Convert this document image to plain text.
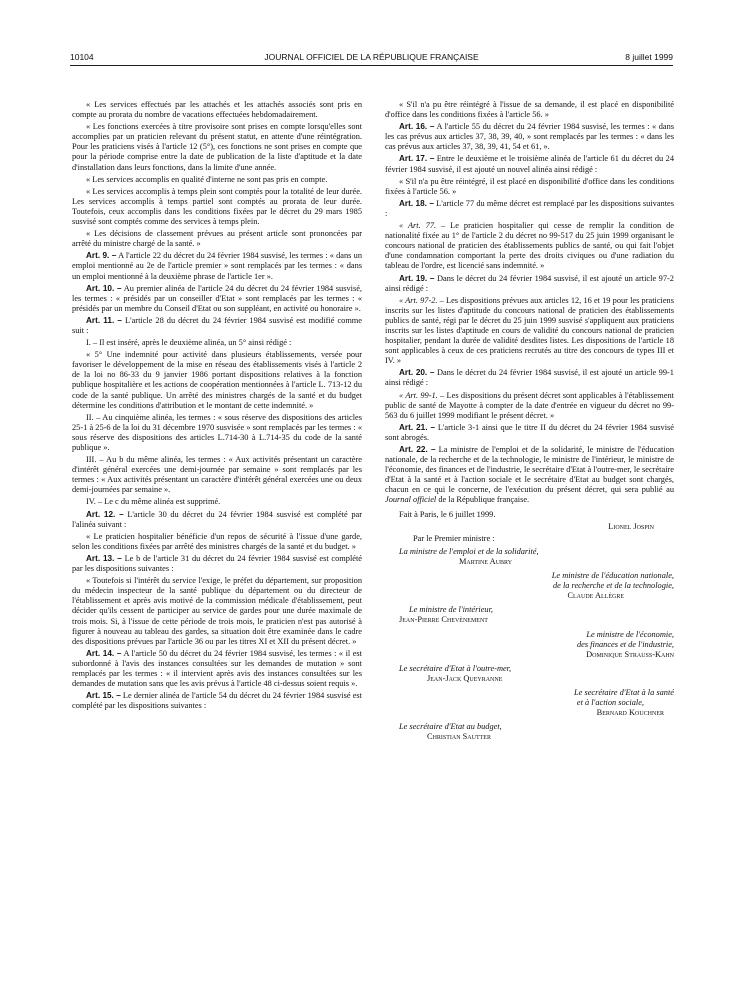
10104	JOURNAL OFFICIEL DE LA RÉPUBLIQUE FRANÇAISE	8 juillet 1999

« Les services effectués par les attachés et les attachés associés sont pris en compte au prorata du nombre de vacations effectuées hebdomadairement.

« Les fonctions exercées à titre provisoire sont prises en compte lorsqu'elles sont accomplies par un praticien relevant du présent statut, en attente d'une réintégration. Pour les praticiens visés à l'article 12 (5°), ces fonctions ne sont prises en compte que pour la période comprise entre la date de publication de la liste d'aptitude et la date d'installation dans leurs fonctions, dans la limite d'une année.

« Les services accomplis en qualité d'interne ne sont pas pris en compte.

« Les services accomplis à temps plein sont comptés pour la totalité de leur durée. Les services accomplis à temps partiel sont comptés au prorata de leur durée. Toutefois, ceux accomplis dans les conditions fixées par le décret du 29 mars 1985 susvisé sont comptés comme des services à temps plein.

« Les décisions de classement prévues au présent article sont prononcées par arrêté du ministre chargé de la santé. »

Art. 9. – A l'article 22 du décret du 24 février 1984 susvisé, les termes : « dans un emploi mentionné au 2e de l'article premier » sont remplacés par les termes : « dans un emploi mentionné à la deuxième phrase de l'article 1er ».

Art. 10. – Au premier alinéa de l'article 24 du décret du 24 février 1984 susvisé, les termes : « présidés par un conseiller d'Etat » sont remplacés par les termes : « présidés par un membre du Conseil d'Etat ou son suppléant, en activité ou honoraire ».

Art. 11. – L'article 28 du décret du 24 février 1984 susvisé est modifié comme suit :

I. – Il est inséré, après le deuxième alinéa, un 5° ainsi rédigé :

« 5° Une indemnité pour activité dans plusieurs établissements, versée pour favoriser le développement de la mise en réseau des établissements visés à l'article 2 de la loi no 86-33 du 9 janvier 1986 portant dispositions relatives à la fonction publique hospitalière et les actions de coopération mentionnées à l'article L. 713-12 du code de la santé publique. Un arrêté des ministres chargés de la santé et du budget détermine les conditions d'attribution et le montant de cette indemnité. »

II. – Au cinquième alinéa, les termes : « sous réserve des dispositions des articles 25-1 à 25-6 de la loi du 31 décembre 1970 susvisée » sont remplacés par les termes : « sous réserve des dispositions des articles L.714-30 à L.714-35 du code de la santé publique ».

III. – Au b du même alinéa, les termes : « Aux activités présentant un caractère d'intérêt général exercées une demi-journée par semaine » sont remplacés par les termes : « Aux activités présentant un caractère d'intérêt général exercées une ou deux demi-journées par semaine ».

IV. – Le c du même alinéa est supprimé.

Art. 12. – L'article 30 du décret du 24 février 1984 susvisé est complété par l'alinéa suivant :

« Le praticien hospitalier bénéficie d'un repos de sécurité à l'issue d'une garde, selon les conditions fixées par arrêté des ministres chargés de la santé et du budget. »

Art. 13. – Le b de l'article 31 du décret du 24 février 1984 susvisé est complété par les dispositions suivantes :

« Toutefois si l'intérêt du service l'exige, le préfet du département, sur proposition du médecin inspecteur de la santé publique du département ou du directeur de l'établissement et après avis motivé de la commission médicale d'établissement, peut décider qu'ils cessent de participer au service de gardes pour une durée maximale de trois mois. Si, à l'issue de cette période de trois mois, le praticien n'est pas autorisé à figurer à nouveau au tableau des gardes, sa situation doit être examinée dans le cadre des dispositions prévues par l'article 36 ou par les titres XI et XII du présent décret. »

Art. 14. – A l'article 50 du décret du 24 février 1984 susvisé, les termes : « il est subordonné à l'avis des instances consultées sur les demandes de mutation » sont remplacés par les termes : « il intervient après avis des instances consultées sur les demandes de mutation sans que les avis prévus à l'article 48 ci-dessus soient requis ».

Art. 15. – Le dernier alinéa de l'article 54 du décret du 24 février 1984 susvisé est complété par les dispositions suivantes :

« S'il n'a pu être réintégré à l'issue de sa demande, il est placé en disponibilité d'office dans les conditions fixées à l'article 56. »

Art. 16. – A l'article 55 du décret du 24 février 1984 susvisé, les termes : « dans les cas prévus aux articles 37, 38, 39, 40, » sont remplacés par les termes : « dans les cas prévus aux articles 37, 38, 39, 41, 54 et 61, ».

Art. 17. – Entre le deuxième et le troisième alinéa de l'article 61 du décret du 24 février 1984 susvisé, il est ajouté un nouvel alinéa ainsi rédigé :

« S'il n'a pu être réintégré, il est placé en disponibilité d'office dans les conditions fixées à l'article 56. »

Art. 18. – L'article 77 du même décret est remplacé par les dispositions suivantes :

« Art. 77. – Le praticien hospitalier qui cesse de remplir la condition de nationalité fixée au 1° de l'article 2 du décret no 99-517 du 25 juin 1999 organisant le concours national de praticien des établissements publics de santé, ou qui fait l'objet d'une condamnation comportant la perte des droits civiques ou d'une radiation du tableau de l'ordre, est licencié sans indemnité. »

Art. 19. – Dans le décret du 24 février 1984 susvisé, il est ajouté un article 97-2 ainsi rédigé :

« Art. 97-2. – Les dispositions prévues aux articles 12, 16 et 19 pour les praticiens inscrits sur les listes d'aptitude du concours national de praticien des établissements publics de santé, régi par le décret du 25 juin 1999 susvisé s'appliquent aux praticiens inscrits sur les listes d'aptitude en cours de validité du concours national de praticien hospitalier, pendant la durée de validité desdites listes. Les dispositions de l'article 18 sont applicables à ceux de ces praticiens recrutés au titre des concours de types III et IV. »

Art. 20. – Dans le décret du 24 février 1984 susvisé, il est ajouté un article 99-1 ainsi rédigé :

« Art. 99-1. – Les dispositions du présent décret sont applicables à l'établissement public de santé de Mayotte à compter de la date d'entrée en vigueur du décret no 99-563 du 6 juillet 1999 modifiant le présent décret. »

Art. 21. – L'article 3-1 ainsi que le titre II du décret du 24 février 1984 susvisé sont abrogés.

Art. 22. – La ministre de l'emploi et de la solidarité, le ministre de l'éducation nationale, de la recherche et de la technologie, le ministre de l'intérieur, le ministre de l'économie, des finances et de l'industrie, le secrétaire d'Etat à l'outre-mer, le secrétaire d'Etat à la santé et à l'action sociale et le secrétaire d'Etat au budget sont chargés, chacun en ce qui le concerne, de l'exécution du présent décret, qui sera publié au Journal officiel de la République française.

Fait à Paris, le 6 juillet 1999.

Lionel Jospin

Par le Premier ministre :

La ministre de l'emploi et de la solidarité,
Martine Aubry

Le ministre de l'éducation nationale,
de la recherche et de la technologie,
Claude Allègre

Le ministre de l'intérieur,
Jean-Pierre Chevènement

Le ministre de l'économie,
des finances et de l'industrie,
Dominique Strauss-Kahn

Le secrétaire d'Etat à l'outre-mer,
Jean-Jack Queyranne

Le secrétaire d'Etat à la santé
et à l'action sociale,
Bernard Kouchner

Le secrétaire d'Etat au budget,
Christian Sautter
